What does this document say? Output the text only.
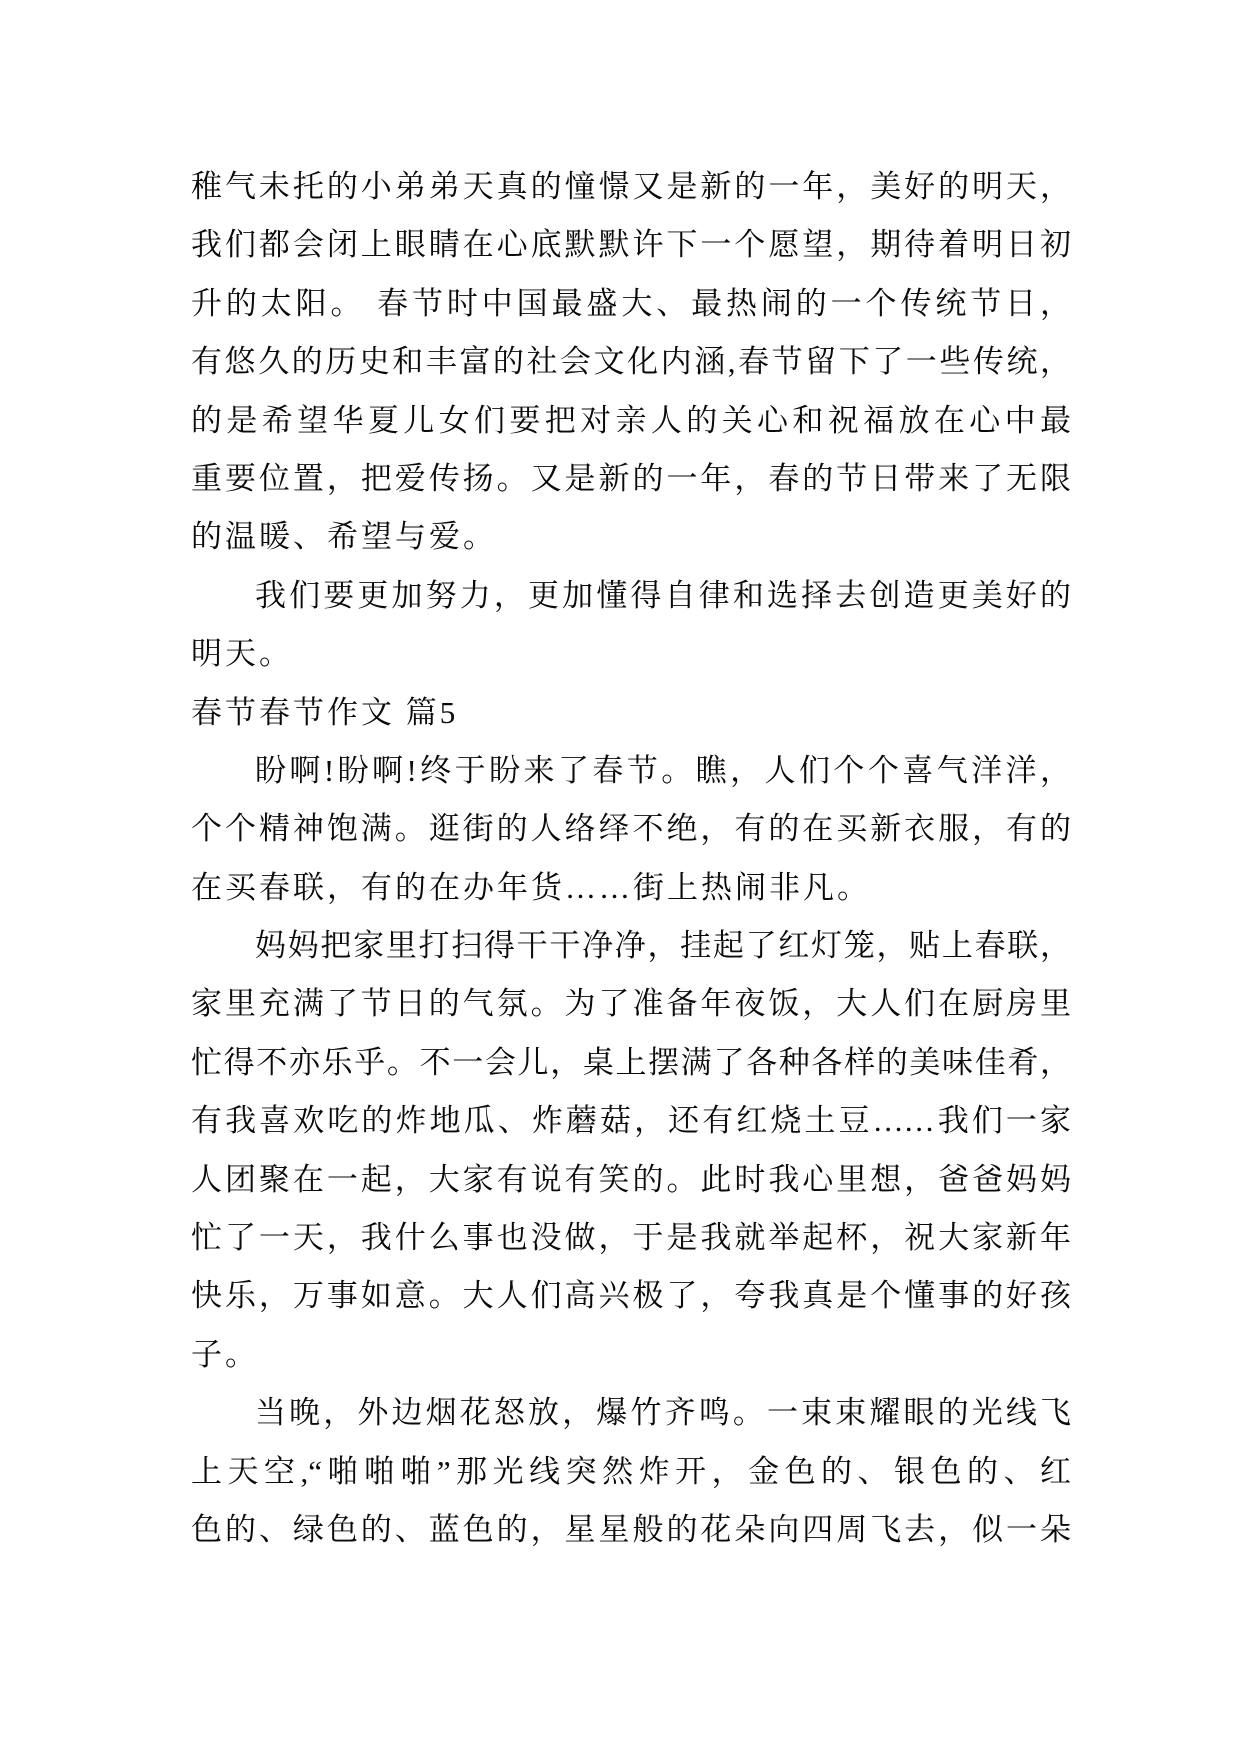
稚气未托的小弟弟天真的憧憬又是新的一年，美好的明天，
我们都会闭上眼睛在心底默默许下一个愿望，期待着明日初
升的太阳。 春节时中国最盛大、最热闹的一个传统节日，
有悠久的历史和丰富的社会文化内涵,春节留下了一些传统，
的是希望华夏儿女们要把对亲人的关心和祝福放在心中最
重要位置，把爱传扬。又是新的一年，春的节日带来了无限
的温暖、希望与爱。
我们要更加努力，更加懂得自律和选择去创造更美好的
明天。
春节春节作文 篇5
盼啊!盼啊!终于盼来了春节。瞧，人们个个喜气洋洋，
个个精神饱满。逛街的人络绎不绝，有的在买新衣服，有的
在买春联，有的在办年货……街上热闹非凡。
妈妈把家里打扫得干干净净，挂起了红灯笼，贴上春联，
家里充满了节日的气氛。为了准备年夜饭，大人们在厨房里
忙得不亦乐乎。不一会儿，桌上摆满了各种各样的美味佳肴，
有我喜欢吃的炸地瓜、炸蘑菇，还有红烧土豆……我们一家
人团聚在一起，大家有说有笑的。此时我心里想，爸爸妈妈
忙了一天，我什么事也没做，于是我就举起杯，祝大家新年
快乐，万事如意。大人们高兴极了，夸我真是个懂事的好孩
子。
当晚，外边烟花怒放，爆竹齐鸣。一束束耀眼的光线飞
上天空,“啪啪啪”那光线突然炸开，金色的、银色的、红
色的、绿色的、蓝色的，星星般的花朵向四周飞去，似一朵
